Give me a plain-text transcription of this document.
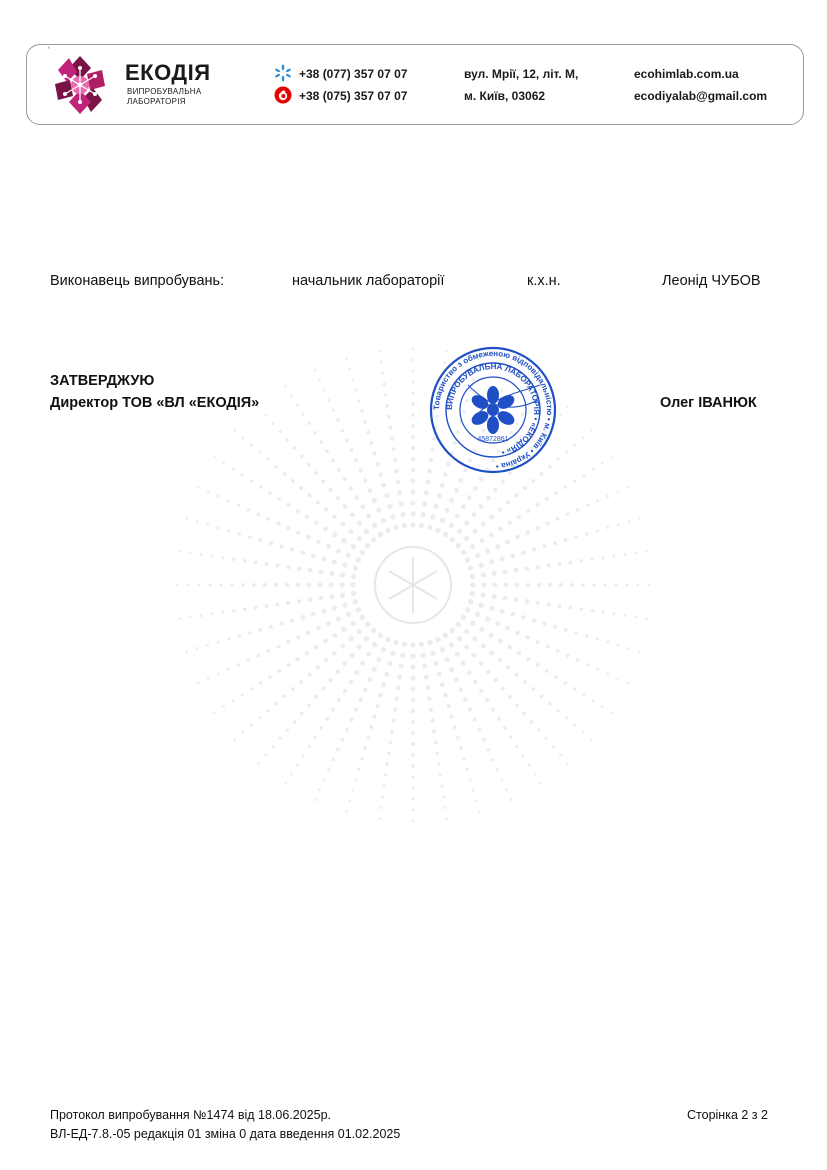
‘
ЕКОДІЯ
ВИПРОБУВАЛЬНА
ЛАБОРАТОРІЯ
+38 (077) 357 07 07
+38 (075) 357 07 07
вул. Мрії, 12, літ. М,
м. Київ, 03062
ecohimlab.com.ua
ecodiyalab@gmail.com
Виконавець випробувань:	начальник лабораторії	к.х.н.	Леонід ЧУБОВ
ЗАТВЕРДЖУЮ
Директор ТОВ «ВЛ «ЕКОДІЯ»	Олег ІВАНЮК
Товариство з обмеженою відповідальністю • м. Київ • Україна •
ВИПРОБУВАЛЬНА ЛАБОРАТОРІЯ • «ЕКОДІЯ» •
45872861
Протокол випробування №1474 від 18.06.2025р.
ВЛ-ЕД-7.8.-05 редакція 01 зміна 0 дата введення 01.02.2025
Сторінка 2 з 2
